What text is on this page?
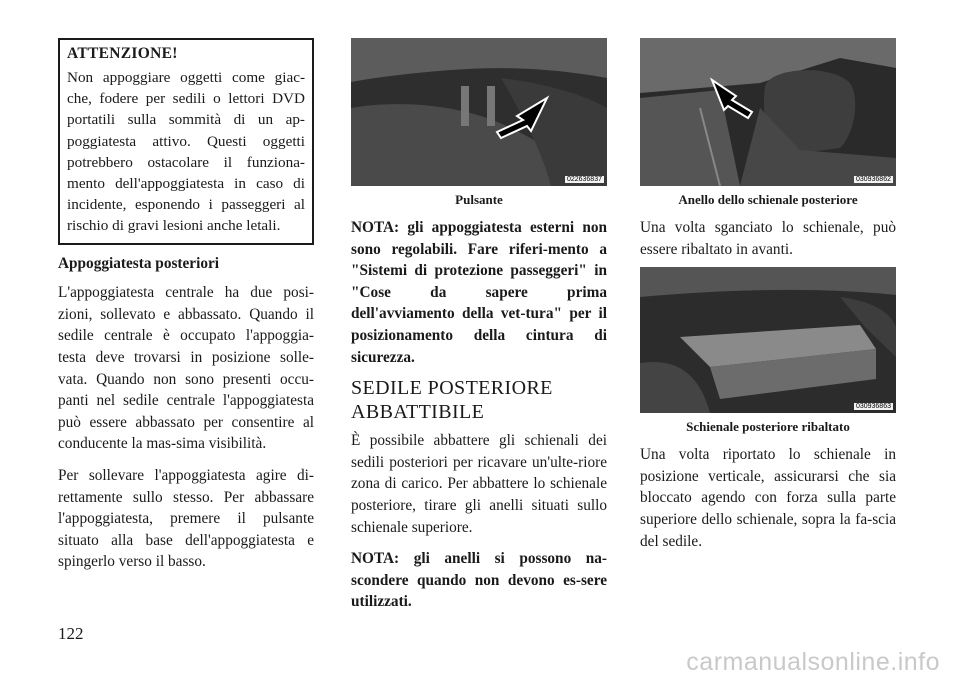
ATTENZIONE!

Non appoggiare oggetti come giac-che, fodere per sedili o lettori DVD portatili sulla sommità di un ap-poggiatesta attivo. Questi oggetti potrebbero ostacolare il funziona-mento dell'appoggiatesta in caso di incidente, esponendo i passeggeri al rischio di gravi lesioni anche letali.

Appoggiatesta posteriori

L'appoggiatesta centrale ha due posi-zioni, sollevato e abbassato. Quando il sedile centrale è occupato l'appoggia-testa deve trovarsi in posizione solle-vata. Quando non sono presenti occu-panti nel sedile centrale l'appoggiatesta può essere abbassato per consentire al conducente la mas-sima visibilità.

Per sollevare l'appoggiatesta agire di-rettamente sullo stesso. Per abbassare l'appoggiatesta, premere il pulsante situato alla base dell'appoggiatesta e spingerlo verso il basso.

022636837
Pulsante

NOTA: gli appoggiatesta esterni non sono regolabili. Fare riferi-mento a "Sistemi di protezione passeggeri" in "Cose da sapere prima dell'avviamento della vet-tura" per il posizionamento della cintura di sicurezza.

SEDILE POSTERIORE ABBATTIBILE

È possibile abbattere gli schienali dei sedili posteriori per ricavare un'ulte-riore zona di carico. Per abbattere lo schienale posteriore, tirare gli anelli situati sullo schienale superiore.

NOTA: gli anelli si possono na-scondere quando non devono es-sere utilizzati.

030936862
Anello dello schienale posteriore

Una volta sganciato lo schienale, può essere ribaltato in avanti.

030936863
Schienale posteriore ribaltato

Una volta riportato lo schienale in posizione verticale, assicurarsi che sia bloccato agendo con forza sulla parte superiore dello schienale, sopra la fa-scia del sedile.

122
carmanualsonline.info
